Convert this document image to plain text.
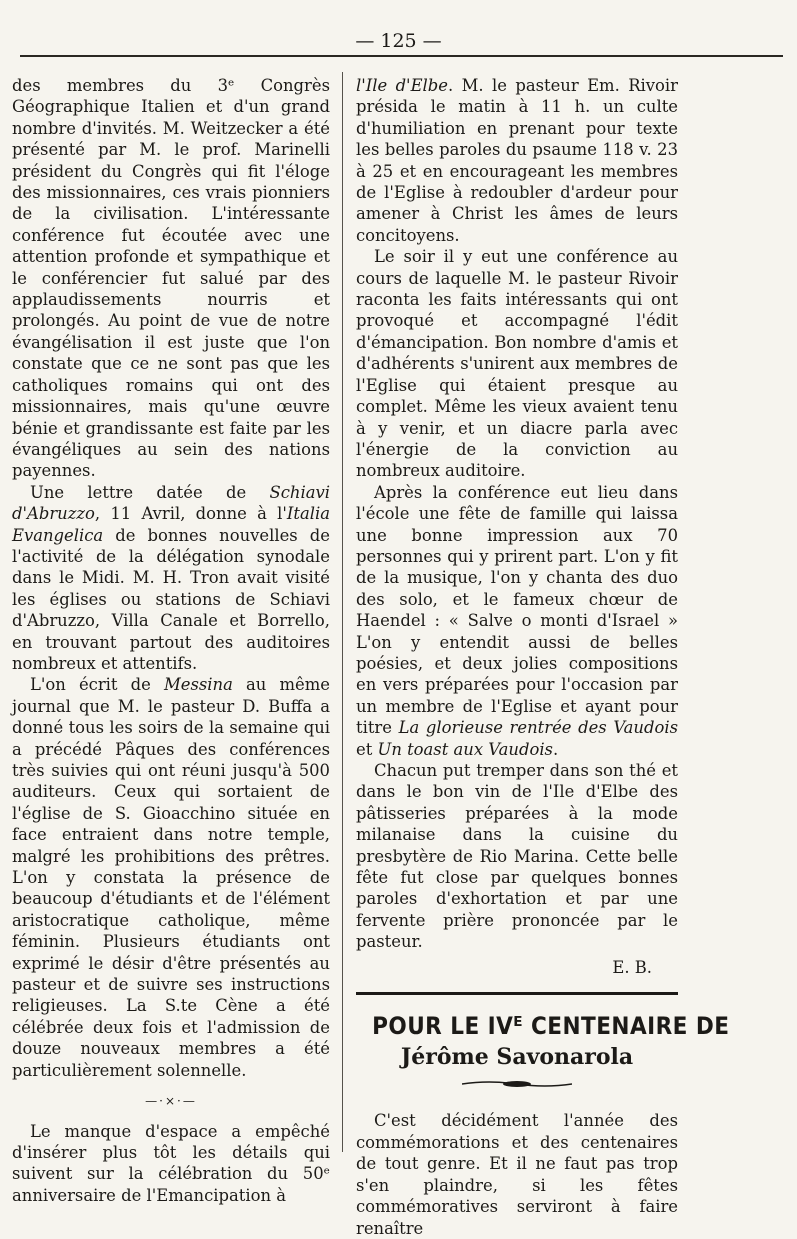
— 125 —

des membres du 3ᵉ Congrès Géographique Italien et d'un grand nombre d'invités. M. Weitzecker a été présenté par M. le prof. Marinelli président du Congrès qui fit l'éloge des missionnaires, ces vrais pionniers de la civilisation. L'intéressante conférence fut écoutée avec une attention profonde et sympathique et le conférencier fut salué par des applaudissements nourris et prolongés. Au point de vue de notre évangélisation il est juste que l'on constate que ce ne sont pas que les catholiques romains qui ont des missionnaires, mais qu'une œuvre bénie et grandissante est faite par les évangéliques au sein des nations payennes.

Une lettre datée de Schiavi d'Abruzzo, 11 Avril, donne à l'Italia Evangelica de bonnes nouvelles de l'activité de la délégation synodale dans le Midi. M. H. Tron avait visité les églises ou stations de Schiavi d'Abruzzo, Villa Canale et Borrello, en trouvant partout des auditoires nombreux et attentifs.

L'on écrit de Messina au même journal que M. le pasteur D. Buffa a donné tous les soirs de la semaine qui a précédé Pâques des conférences très suivies qui ont réuni jusqu'à 500 auditeurs. Ceux qui sortaient de l'église de S. Gioacchino située en face entraient dans notre temple, malgré les prohibitions des prêtres. L'on y constata la présence de beaucoup d'étudiants et de l'élément aristocratique catholique, même féminin. Plusieurs étudiants ont exprimé le désir d'être présentés au pasteur et de suivre ses instructions religieuses. La S.te Cène a été célébrée deux fois et l'admission de douze nouveaux membres a été particulièrement solennelle.

—·×·—

Le manque d'espace a empêché d'insérer plus tôt les détails qui suivent sur la célébration du 50ᵉ anniversaire de l'Emancipation à

l'Ile d'Elbe. M. le pasteur Em. Rivoir présida le matin à 11 h. un culte d'humiliation en prenant pour texte les belles paroles du psaume 118 v. 23 à 25 et en encourageant les membres de l'Eglise à redoubler d'ardeur pour amener à Christ les âmes de leurs concitoyens.

Le soir il y eut une conférence au cours de laquelle M. le pasteur Rivoir raconta les faits intéressants qui ont provoqué et accompagné l'édit d'émancipation. Bon nombre d'amis et d'adhérents s'unirent aux membres de l'Eglise qui étaient presque au complet. Même les vieux avaient tenu à y venir, et un diacre parla avec l'énergie de la conviction au nombreux auditoire.

Après la conférence eut lieu dans l'école une fête de famille qui laissa une bonne impression aux 70 personnes qui y prirent part. L'on y fit de la musique, l'on y chanta des duo des solo, et le fameux chœur de Haendel : « Salve o monti d'Israel » L'on y entendit aussi de belles poésies, et deux jolies compositions en vers préparées pour l'occasion par un membre de l'Eglise et ayant pour titre La glorieuse rentrée des Vaudois et Un toast aux Vaudois.

Chacun put tremper dans son thé et dans le bon vin de l'Ile d'Elbe des pâtisseries préparées à la mode milanaise dans la cuisine du presbytère de Rio Marina. Cette belle fête fut close par quelques bonnes paroles d'exhortation et par une fervente prière prononcée par le pasteur.

E. B.
POUR LE IVᴱ CENTENAIRE DE
Jérôme Savonarola

C'est décidément l'année des commémorations et des centenaires de tout genre. Et il ne faut pas trop s'en plaindre, si les fêtes commémoratives serviront à faire renaître
